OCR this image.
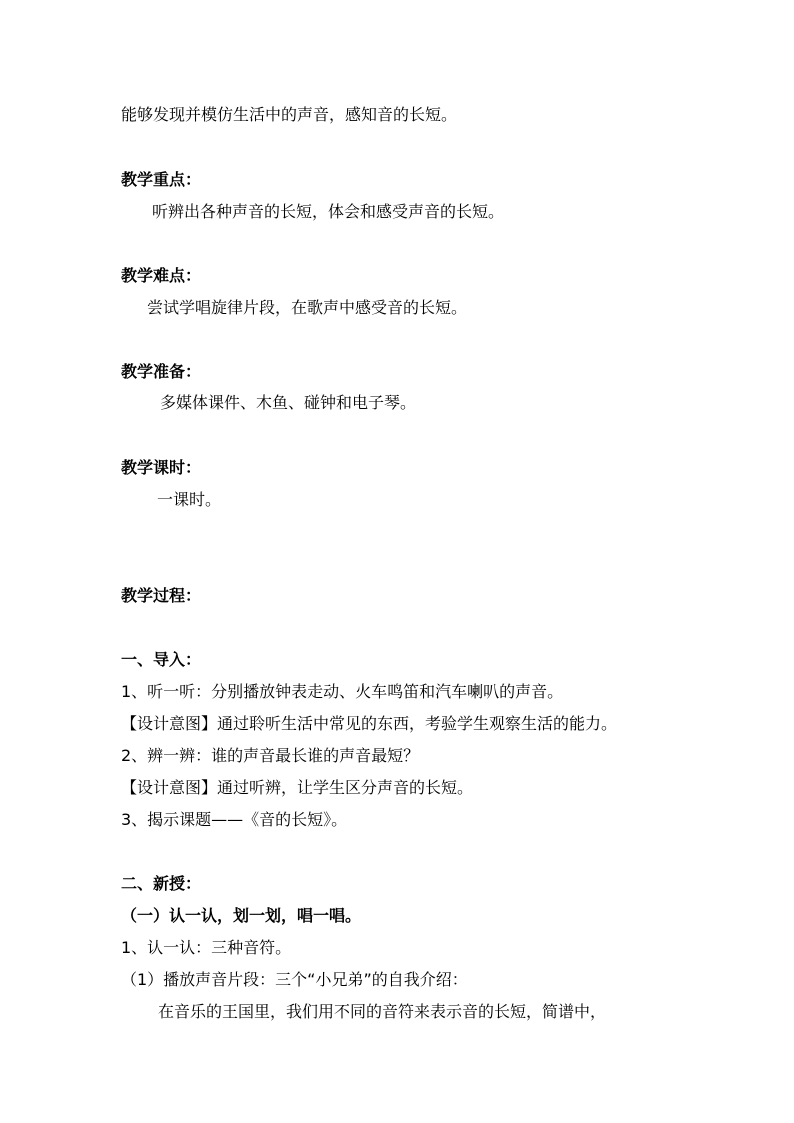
能够发现并模仿生活中的声音，感知音的长短。
教学重点：
听辨出各种声音的长短，体会和感受声音的长短。
教学难点：
尝试学唱旋律片段，在歌声中感受音的长短。
教学准备：
多媒体课件、木鱼、碰钟和电子琴。
教学课时：
一课时。
教学过程：
一、导入：
1、听一听：分别播放钟表走动、火车鸣笛和汽车喇叭的声音。
【设计意图】通过聆听生活中常见的东西，考验学生观察生活的能力。
2、辨一辨：谁的声音最长谁的声音最短？
【设计意图】通过听辨，让学生区分声音的长短。
3、揭示课题——《音的长短》。
二、新授：
（一）认一认，划一划，唱一唱。
1、认一认：三种音符。
（1）播放声音片段：三个“小兄弟”的自我介绍：
在音乐的王国里，我们用不同的音符来表示音的长短，简谱中，
